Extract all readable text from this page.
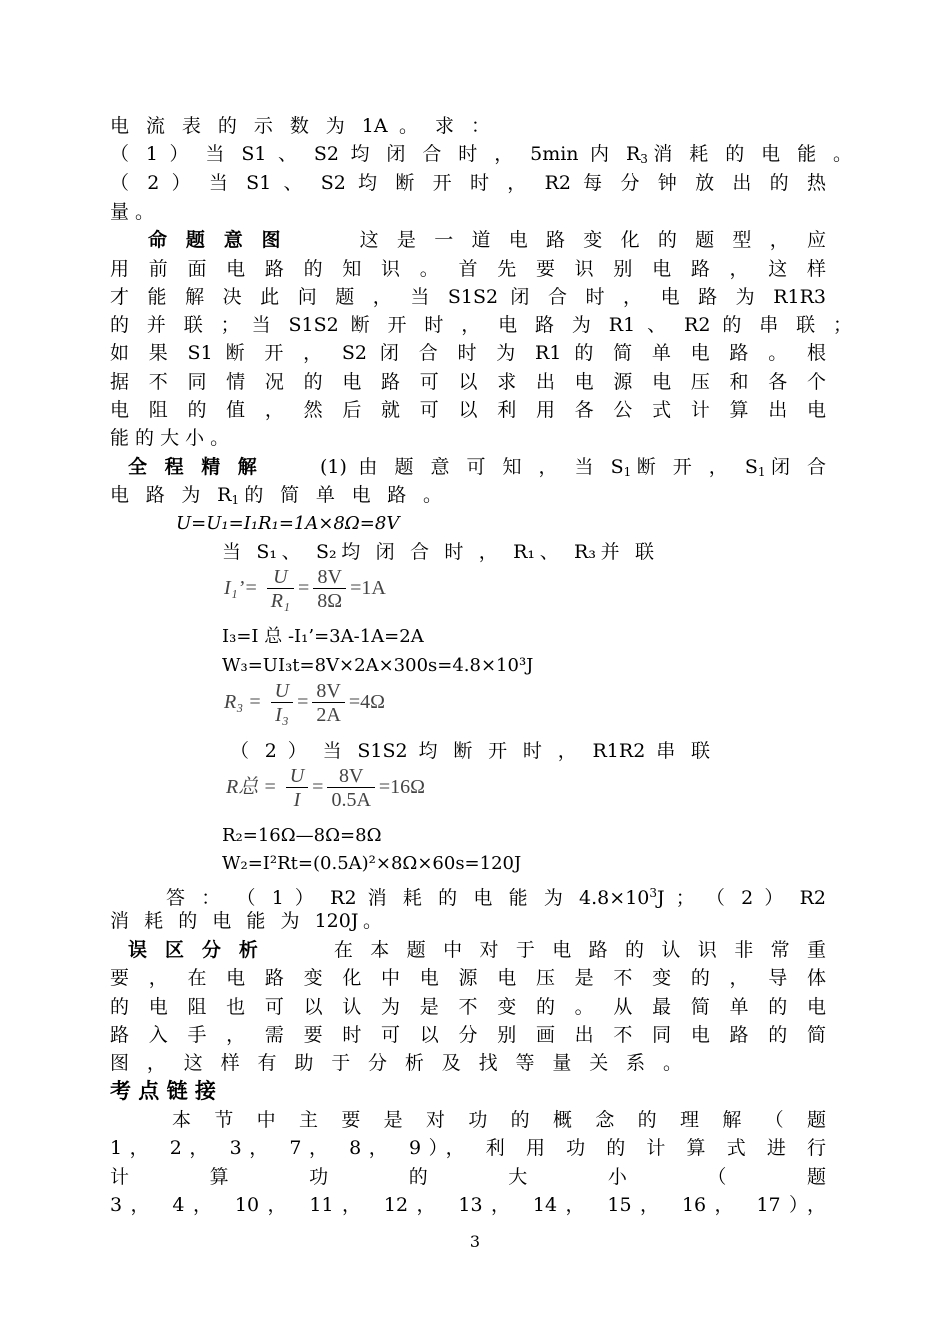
电 流 表 的 示 数 为 1A 。 求 ：
（ 1 ） 当 S1 、 S2 均 闭 合 时 ， 5min 内 $R_3$消 耗 的 电 能 。
（ 2 ） 当 S1 、 S2 均 断 开 时 ， R2 每 分 钟 放 出 的 热
量 。
命 题 意 图	这 是 一 道 电 路 变 化 的 题 型 ， 应
用 前 面 电 路 的 知 识 。 首 先 要 识 别 电 路 ， 这 样
才 能 解 决 此 问 题 ， 当 S1S2 闭 合 时 ， 电 路 为 R1R3
的 并 联 ； 当 S1S2 断 开 时 ， 电 路 为 R1 、 R2 的 串 联 ；
如 果 S1 断 开 ， S2 闭 合 时 为 R1 的 简 单 电 路 。 根
据 不 同 情 况 的 电 路 可 以 求 出 电 源 电 压 和 各 个
电 阻 的 值 ， 然 后 就 可 以 利 用 各 公 式 计 算 出 电
能 的 大 小 。
全 程 精 解	(1) 由 题 意 可 知 ， 当 $S_1$断 开 ， $S_1$闭 合
电 路 为 $R_1$的 简 单 电 路 。
U=U₁=I₁R₁=1A×8Ω=8V
当 S₁、 S₂均 闭 合 时 ， R₁、 R₃并 联
I₁’= $\frac{U}{\text{R₁}} = \frac{8V}{8\Omega} =1A$
I₃=I 总 -I₁’=3A-1A=2A
W₃=UI₃t=8V×2A×300s=4.8×10³J
$R_3 = \frac{U}{\text{I₃}} = \frac{8V}{2A} =4\Omega$
（ 2 ） 当 S1S2 均 断 开 时 ， R1R2 串 联
R总 = $\frac{U}{I} = \frac{8V}{0.5A} =16\Omega$
R₂=16Ω—8Ω=8Ω
W₂=I²Rt=(0.5A)²×8Ω×60s=120J
答 ： （ 1 ） R2 消 耗 的 电 能 为 $4.8\times 10^3J$ ； （ 2 ） R2
消 耗 的 电 能 为 120J。
误 区 分 析	在 本 题 中 对 于 电 路 的 认 识 非 常 重
要 ， 在 电 路 变 化 中 电 源 电 压 是 不 变 的 ， 导 体
的 电 阻 也 可 以 认 为 是 不 变 的 。 从 最 简 单 的 电
路 入 手 ， 需 要 时 可 以 分 别 画 出 不 同 电 路 的 简
图 ， 这 样 有 助 于 分 析 及 找 等 量 关 系 。
考 点 链 接
本 节 中 主 要 是 对 功 的 概 念 的 理 解 （ 题
1， 2， 3， 7， 8， 9）， 利 用 功 的 计 算 式 进 行
计 算 功 的 大 小 （ 题
3， 4， 10， 11， 12， 13， 14， 15， 16， 17），
3
